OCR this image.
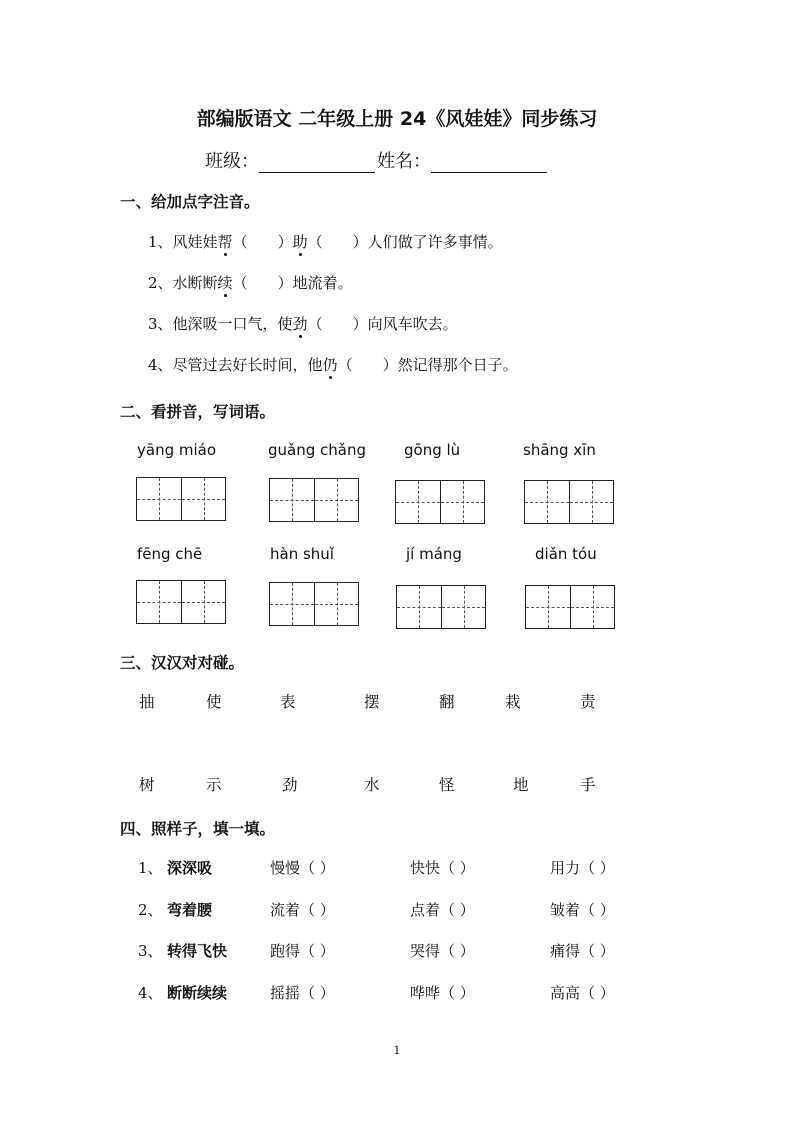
部编版语文 二年级上册 24《风娃娃》同步练习
班级：	姓名：
一、给加点字注音。
1、风娃娃帮（　　）助（　　）人们做了许多事情。
2、水断断续（　　）地流着。
3、他深吸一口气，使劲（　　）向风车吹去。
4、尽管过去好长时间，他仍（　　）然记得那个日子。
二、看拼音，写词语。
yāng miáo	guǎng chǎng	gōng lù	shāng xīn
fēng chē	hàn shuǐ	jí máng	diǎn tóu
三、汉汉对对碰。
抽	使	表	摆	翻	栽	责
树	示	劲	水	怪	地	手
四、照样子，填一填。
1、 深深吸	慢慢（ ）	快快（ ）	用力（ ）
2、 弯着腰	流着（ ）	点着（ ）	皱着（ ）
3、 转得飞快	跑得（ ）	哭得（ ）	痛得（ ）
4、 断断续续	摇摇（ ）	哗哗（ ）	高高（ ）
1
